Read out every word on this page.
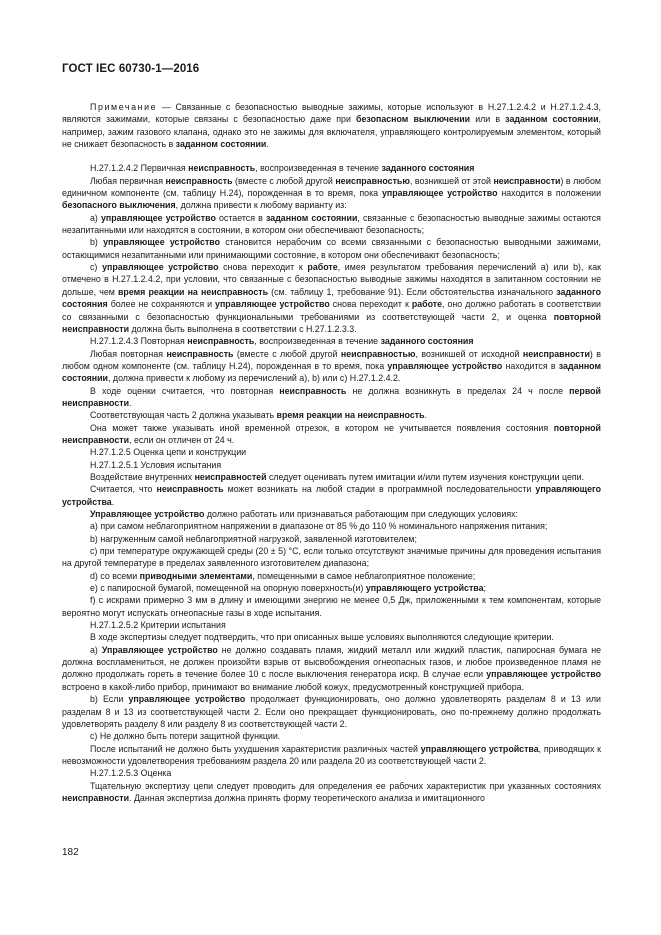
ГОСТ IEC 60730-1—2016

Примечание — Связанные с безопасностью выводные зажимы, которые используют в H.27.1.2.4.2 и H.27.1.2.4.3, являются зажимами, которые связаны с безопасностью даже при безопасном выключении или в заданном состоянии, например, зажим газового клапана, однако это не зажимы для включателя, управляющего контролируемым элементом, который не снижает безопасность в заданном состоянии.

H.27.1.2.4.2 Первичная неисправность, воспроизведенная в течение заданного состояния

Любая первичная неисправность (вместе с любой другой неисправностью, возникшей от этой неисправности) в любом единичном компоненте (см. таблицу H.24), порожденная в то время, пока управляющее устройство находится в положении безопасного выключения, должна привести к любому варианту из:

a) управляющее устройство остается в заданном состоянии, связанные с безопасностью выводные зажимы остаются незапитанными или находятся в состоянии, в котором они обеспечивают безопасность;

b) управляющее устройство становится нерабочим со всеми связанными с безопасностью выводными зажимами, остающимися незапитанными или принимающими состояние, в котором они обеспечивают безопасность;

c) управляющее устройство снова переходит к работе, имея результатом требования перечислений a) или b), как отмечено в H.27.1.2.4.2, при условии, что связанные с безопасностью выводные зажимы находятся в запитанном состоянии не дольше, чем время реакции на неисправность (см. таблицу 1, требование 91). Если обстоятельства изначального заданного состояния более не сохраняются и управляющее устройство снова переходит к работе, оно должно работать в соответствии со связанными с безопасностью функциональными требованиями из соответствующей части 2, и оценка повторной неисправности должна быть выполнена в соответствии с H.27.1.2.3.3.

H.27.1.2.4.3 Повторная неисправность, воспроизведенная в течение заданного состояния

Любая повторная неисправность (вместе с любой другой неисправностью, возникшей от исходной неисправности) в любом одном компоненте (см. таблицу H.24), порожденная в то время, пока управляющее устройство находится в заданном состоянии, должна привести к любому из перечислений a), b) или c) H.27.1.2.4.2.

В ходе оценки считается, что повторная неисправность не должна возникнуть в пределах 24 ч после первой неисправности.

Соответствующая часть 2 должна указывать время реакции на неисправность.

Она может также указывать иной временной отрезок, в котором не учитывается появления состояния повторной неисправности, если он отличен от 24 ч.

H.27.1.2.5 Оценка цепи и конструкции

H.27.1.2.5.1 Условия испытания

Воздействие внутренних неисправностей следует оценивать путем имитации и/или путем изучения конструкции цепи.

Считается, что неисправность может возникать на любой стадии в программной последовательности управляющего устройства.

Управляющее устройство должно работать или признаваться работающим при следующих условиях:

a) при самом неблагоприятном напряжении в диапазоне от 85 % до 110 % номинального напряжения питания;

b) нагруженным самой неблагоприятной нагрузкой, заявленной изготовителем;

c) при температуре окружающей среды (20 ± 5) °C, если только отсутствуют значимые причины для проведения испытания на другой температуре в пределах заявленного изготовителем диапазона;

d) со всеми приводными элементами, помещенными в самое неблагоприятное положение;

e) с папиросной бумагой, помещенной на опорную поверхность(и) управляющего устройства;

f) с искрами примерно 3 мм в длину и имеющими энергию не менее 0,5 Дж, приложенными к тем компонентам, которые вероятно могут испускать огнеопасные газы в ходе испытания.

H.27.1.2.5.2 Критерии испытания

В ходе экспертизы следует подтвердить, что при описанных выше условиях выполняются следующие критерии.

a) Управляющее устройство не должно создавать пламя, жидкий металл или жидкий пластик, папиросная бумага не должна воспламениться, не должен произойти взрыв от высвобождения огнеопасных газов, и любое произведенное пламя не должно продолжать гореть в течение более 10 с после выключения генератора искр. В случае если управляющее устройство встроено в какой-либо прибор, принимают во внимание любой кожух, предусмотренный конструкцией прибора.

b) Если управляющее устройство продолжает функционировать, оно должно удовлетворять разделам 8 и 13 или разделам 8 и 13 из соответствующей части 2. Если оно прекращает функционировать, оно по-прежнему должно продолжать удовлетворять разделу 8 или разделу 8 из соответствующей части 2.

c) Не должно быть потери защитной функции.

После испытаний не должно быть ухудшения характеристик различных частей управляющего устройства, приводящих к невозможности удовлетворения требованиям раздела 20 или раздела 20 из соответствующей части 2.

H.27.1.2.5.3 Оценка

Тщательную экспертизу цепи следует проводить для определения ее рабочих характеристик при указанных состояниях неисправности. Данная экспертиза должна принять форму теоретического анализа и имитационного

182
